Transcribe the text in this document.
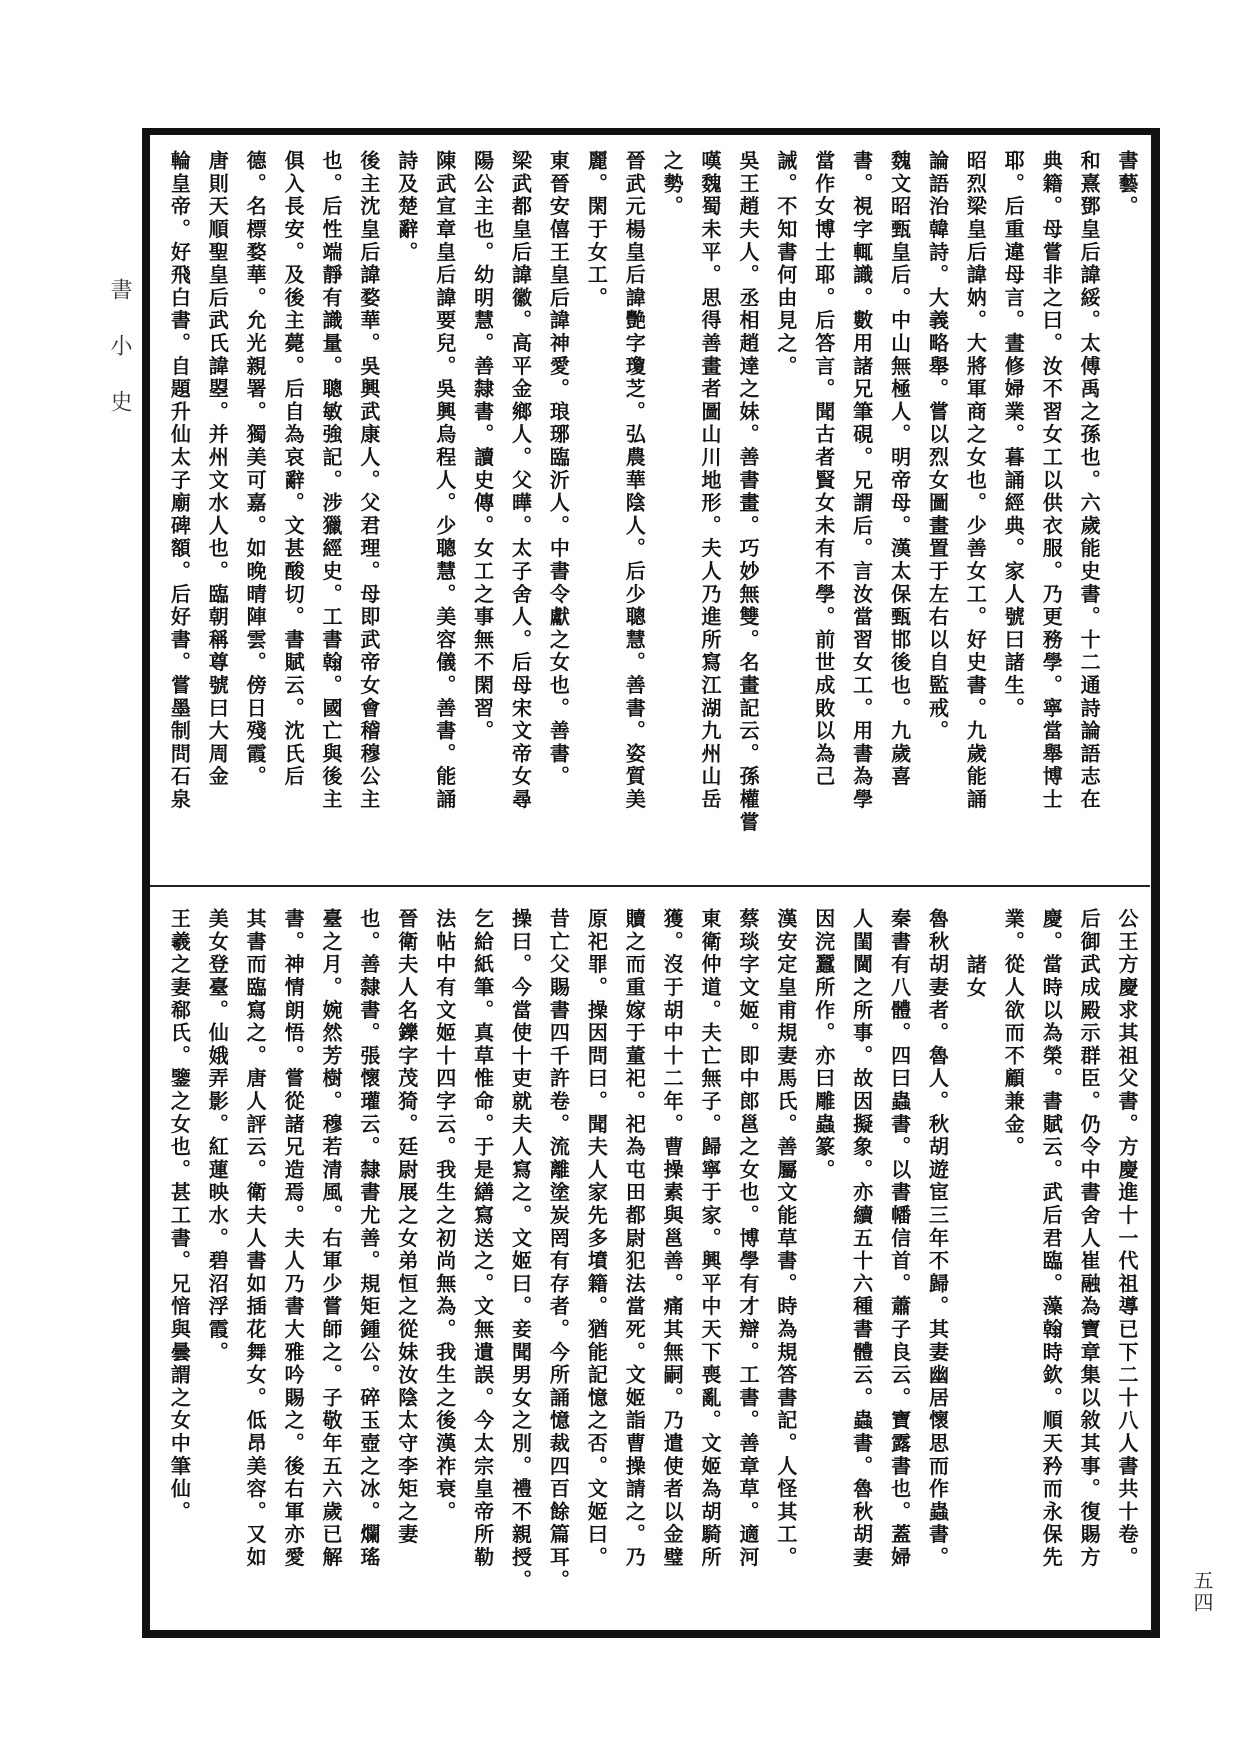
書小史
書藝。
和熹鄧皇后諱綏。太傅禹之孫也。六歲能史書。十二通詩論語志在
典籍。母嘗非之曰。汝不習女工以供衣服。乃更務學。寧當舉博士
耶。后重違母言。晝修婦業。暮誦經典。家人號曰諸生。
昭烈梁皇后諱妠。大將軍商之女也。少善女工。好史書。九歲能誦
論語治韓詩。大義略舉。嘗以烈女圖畫置于左右以自監戒。
魏文昭甄皇后。中山無極人。明帝母。漢太保甄邯後也。九歲喜
書。視字輒識。數用諸兄筆硯。兄謂后。言汝當習女工。用書為學
當作女博士耶。后答言。聞古者賢女未有不學。前世成敗以為己
誡。不知書何由見之。
吳王趙夫人。丞相趙達之妹。善書畫。巧妙無雙。名畫記云。孫權嘗
嘆魏蜀未平。思得善畫者圖山川地形。夫人乃進所寫江湖九州山岳
之勢。
晉武元楊皇后諱艷字瓊芝。弘農華陰人。后少聰慧。善書。姿質美
麗。閑于女工。
東晉安僖王皇后諱神愛。琅琊臨沂人。中書令獻之女也。善書。
梁武都皇后諱徽。高平金鄉人。父曄。太子舍人。后母宋文帝女尋
陽公主也。幼明慧。善隸書。讀史傳。女工之事無不閑習。
陳武宣章皇后諱要兒。吳興烏程人。少聰慧。美容儀。善書。能誦
詩及楚辭。
後主沈皇后諱婺華。吳興武康人。父君理。母即武帝女會稽穆公主
也。后性端靜有識量。聰敏強記。涉獵經史。工書翰。國亡與後主
俱入長安。及後主薨。后自為哀辭。文甚酸切。書賦云。沈氏后
德。名標婺華。允光親署。獨美可嘉。如晚晴陣雲。傍日殘霞。
唐則天順聖皇后武氏諱曌。并州文水人也。臨朝稱尊號曰大周金
輪皇帝。好飛白書。自題升仙太子廟碑額。后好書。嘗墨制問石泉
公王方慶求其祖父書。方慶進十一代祖導已下二十八人書共十卷。
后御武成殿示群臣。仍令中書舍人崔融為寶章集以敘其事。復賜方
慶。當時以為榮。書賦云。武后君臨。藻翰時欽。順天矜而永保先
業。從人欲而不顧兼金。
諸女
魯秋胡妻者。魯人。秋胡遊宦三年不歸。其妻幽居懷思而作蟲書。
秦書有八體。四曰蟲書。以書幡信首。蕭子良云。寶露書也。蓋婦
人閨閫之所事。故因擬象。亦續五十六種書體云。蟲書。魯秋胡妻
因浣蠶所作。亦曰雕蟲篆。
漢安定皇甫規妻馬氏。善屬文能草書。時為規答書記。人怪其工。
蔡琰字文姬。即中郎邕之女也。博學有才辯。工書。善章草。適河
東衛仲道。夫亡無子。歸寧于家。興平中天下喪亂。文姬為胡騎所
獲。沒于胡中十二年。曹操素與邕善。痛其無嗣。乃遣使者以金璧
贖之而重嫁于董祀。祀為屯田都尉犯法當死。文姬詣曹操請之。乃
原祀罪。操因問曰。聞夫人家先多墳籍。猶能記憶之否。文姬曰。
昔亡父賜書四千許卷。流離塗炭罔有存者。今所誦憶裁四百餘篇耳。
操曰。今當使十吏就夫人寫之。文姬曰。妾聞男女之別。禮不親授。
乞給紙筆。真草惟命。于是繕寫送之。文無遺誤。今太宗皇帝所勒
法帖中有文姬十四字云。我生之初尚無為。我生之後漢祚衰。
晉衛夫人名鑠字茂猗。廷尉展之女弟恒之從妹汝陰太守李矩之妻
也。善隸書。張懷瓘云。隸書尤善。規矩鍾公。碎玉壺之冰。爛瑤
臺之月。婉然芳樹。穆若清風。右軍少嘗師之。子敬年五六歲已解
書。神情朗悟。嘗從諸兄造焉。夫人乃書大雅吟賜之。後右軍亦愛
其書而臨寫之。唐人評云。衛夫人書如插花舞女。低昂美容。又如
美女登臺。仙娥弄影。紅蓮映水。碧沼浮霞。
王羲之妻郗氏。鑒之女也。甚工書。兄愔與曇謂之女中筆仙。
五四
